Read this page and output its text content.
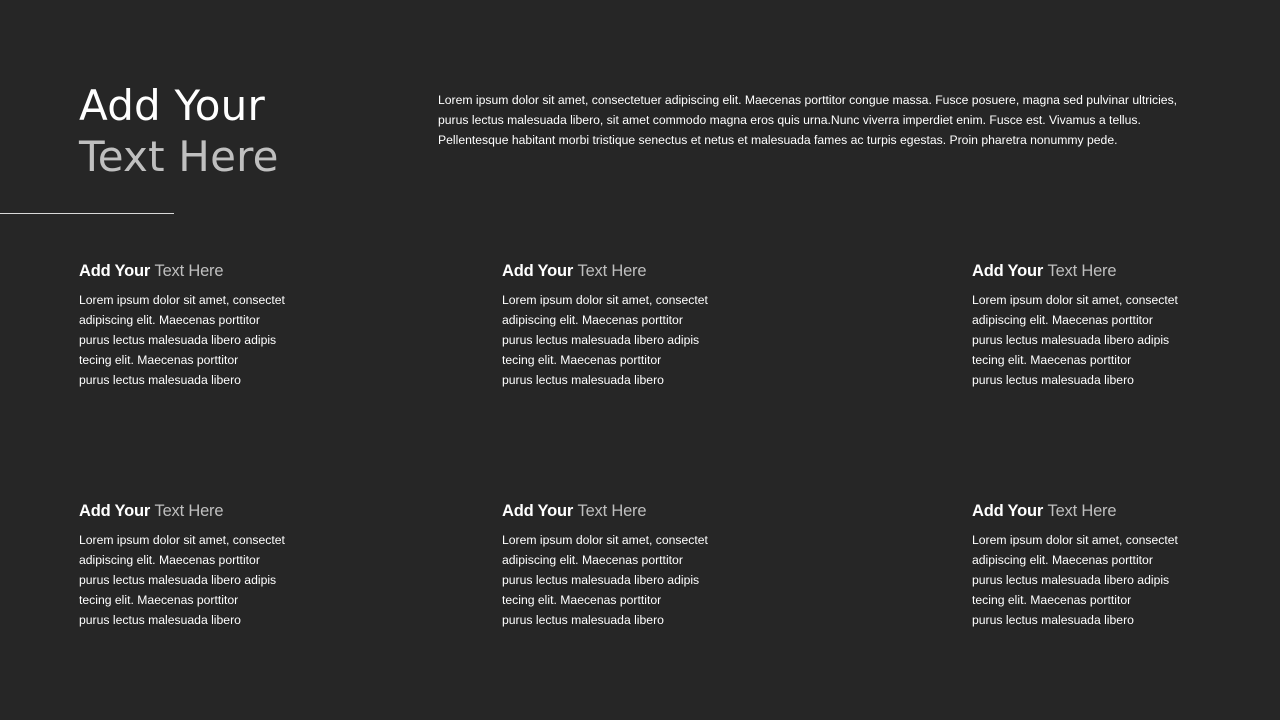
Add Your
Text Here

Lorem ipsum dolor sit amet, consectetuer adipiscing elit. Maecenas porttitor congue massa. Fusce posuere, magna sed pulvinar ultricies, purus lectus malesuada libero, sit amet commodo magna eros quis urna.Nunc viverra imperdiet enim. Fusce est. Vivamus a tellus. Pellentesque habitant morbi tristique senectus et netus et malesuada fames ac turpis egestas. Proin pharetra nonummy pede.

Add Your Text Here

Lorem ipsum dolor sit amet, consectet
adipiscing elit. Maecenas porttitor
purus lectus malesuada libero adipis
tecing elit. Maecenas porttitor
purus lectus malesuada libero

Add Your Text Here

Lorem ipsum dolor sit amet, consectet
adipiscing elit. Maecenas porttitor
purus lectus malesuada libero adipis
tecing elit. Maecenas porttitor
purus lectus malesuada libero

Add Your Text Here

Lorem ipsum dolor sit amet, consectet
adipiscing elit. Maecenas porttitor
purus lectus malesuada libero adipis
tecing elit. Maecenas porttitor
purus lectus malesuada libero

Add Your Text Here

Lorem ipsum dolor sit amet, consectet
adipiscing elit. Maecenas porttitor
purus lectus malesuada libero adipis
tecing elit. Maecenas porttitor
purus lectus malesuada libero

Add Your Text Here

Lorem ipsum dolor sit amet, consectet
adipiscing elit. Maecenas porttitor
purus lectus malesuada libero adipis
tecing elit. Maecenas porttitor
purus lectus malesuada libero

Add Your Text Here

Lorem ipsum dolor sit amet, consectet
adipiscing elit. Maecenas porttitor
purus lectus malesuada libero adipis
tecing elit. Maecenas porttitor
purus lectus malesuada libero
